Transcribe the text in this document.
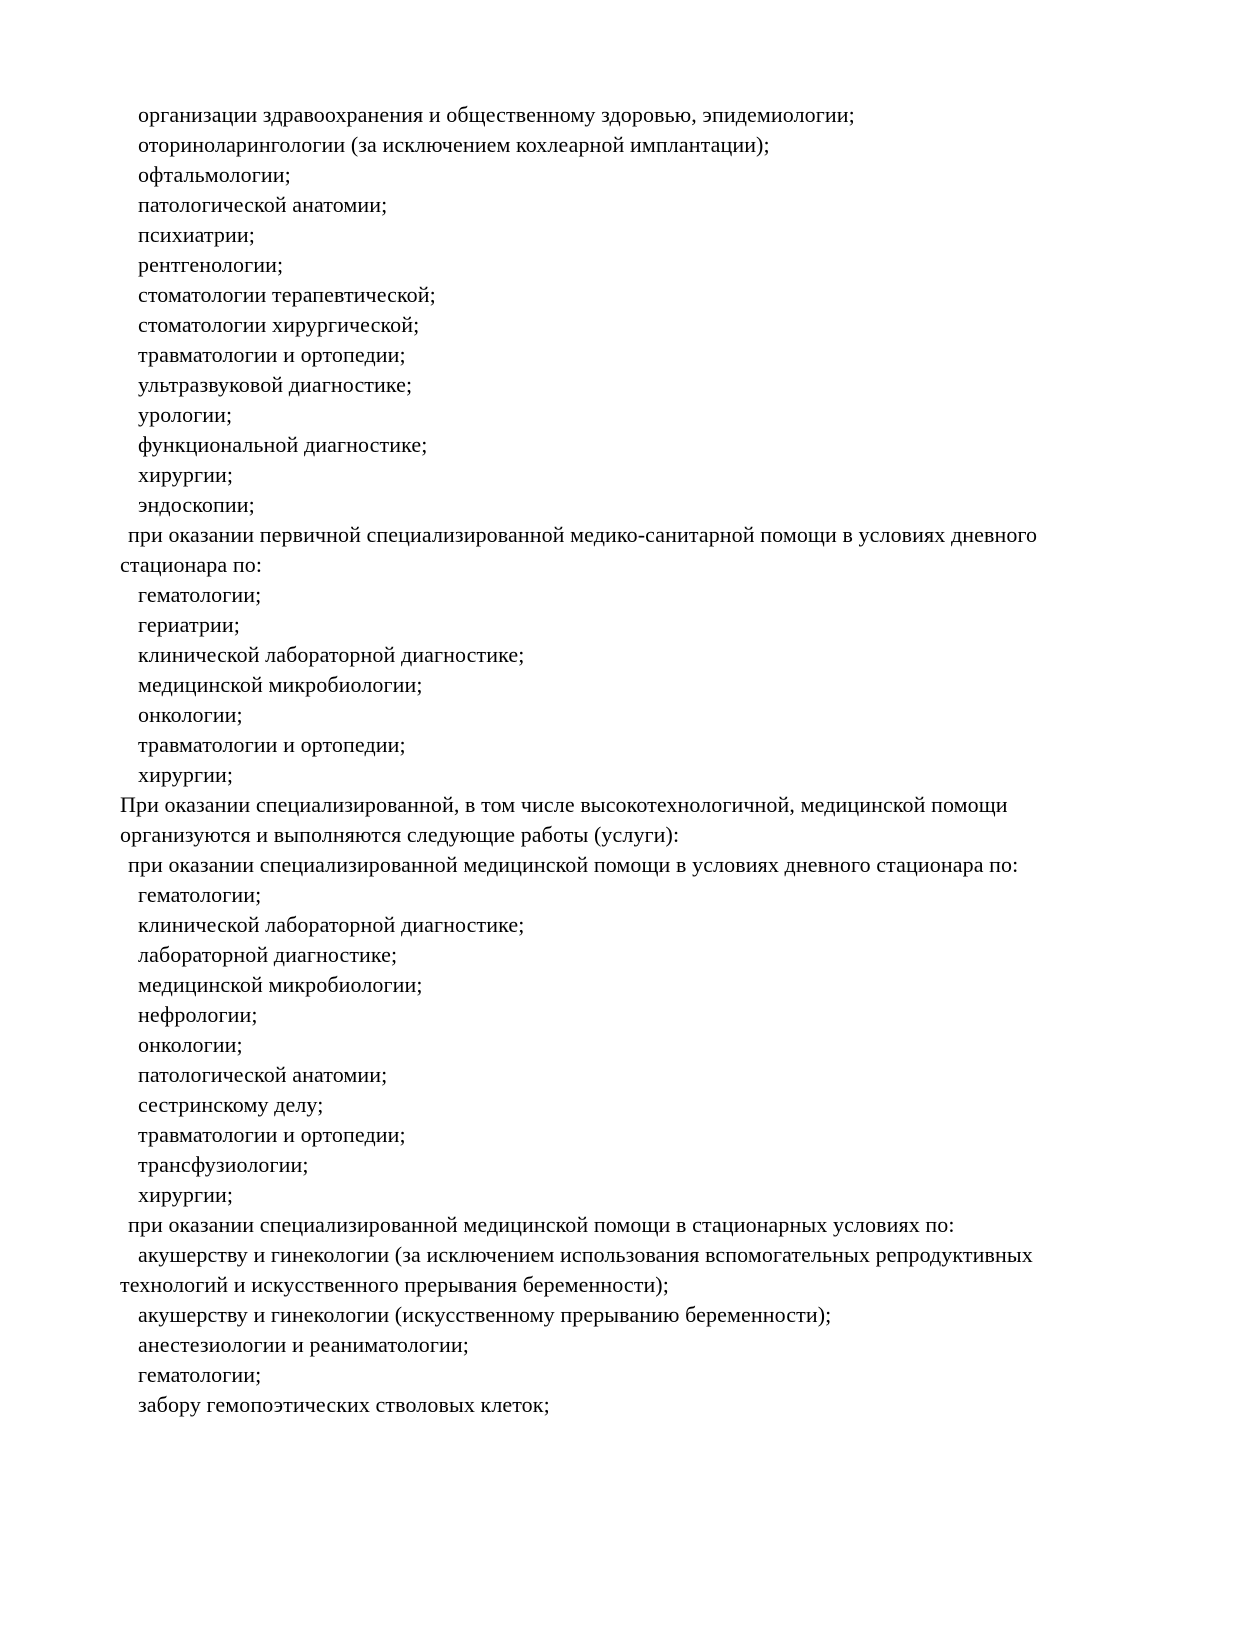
организации здравоохранения и общественному здоровью, эпидемиологии;
оториноларингологии (за исключением кохлеарной имплантации);
офтальмологии;
патологической анатомии;
психиатрии;
рентгенологии;
стоматологии терапевтической;
стоматологии хирургической;
травматологии и ортопедии;
ультразвуковой диагностике;
урологии;
функциональной диагностике;
хирургии;
эндоскопии;
при оказании первичной специализированной медико-санитарной помощи в условиях дневного
стационара по:
гематологии;
гериатрии;
клинической лабораторной диагностике;
медицинской микробиологии;
онкологии;
травматологии и ортопедии;
хирургии;
При оказании специализированной, в том числе высокотехнологичной, медицинской помощи
организуются и выполняются следующие работы (услуги):
при оказании специализированной медицинской помощи в условиях дневного стационара по:
гематологии;
клинической лабораторной диагностике;
лабораторной диагностике;
медицинской микробиологии;
нефрологии;
онкологии;
патологической анатомии;
сестринскому делу;
травматологии и ортопедии;
трансфузиологии;
хирургии;
при оказании специализированной медицинской помощи в стационарных условиях по:
акушерству и гинекологии (за исключением использования вспомогательных репродуктивных
технологий и искусственного прерывания беременности);
акушерству и гинекологии (искусственному прерыванию беременности);
анестезиологии и реаниматологии;
гематологии;
забору гемопоэтических стволовых клеток;
